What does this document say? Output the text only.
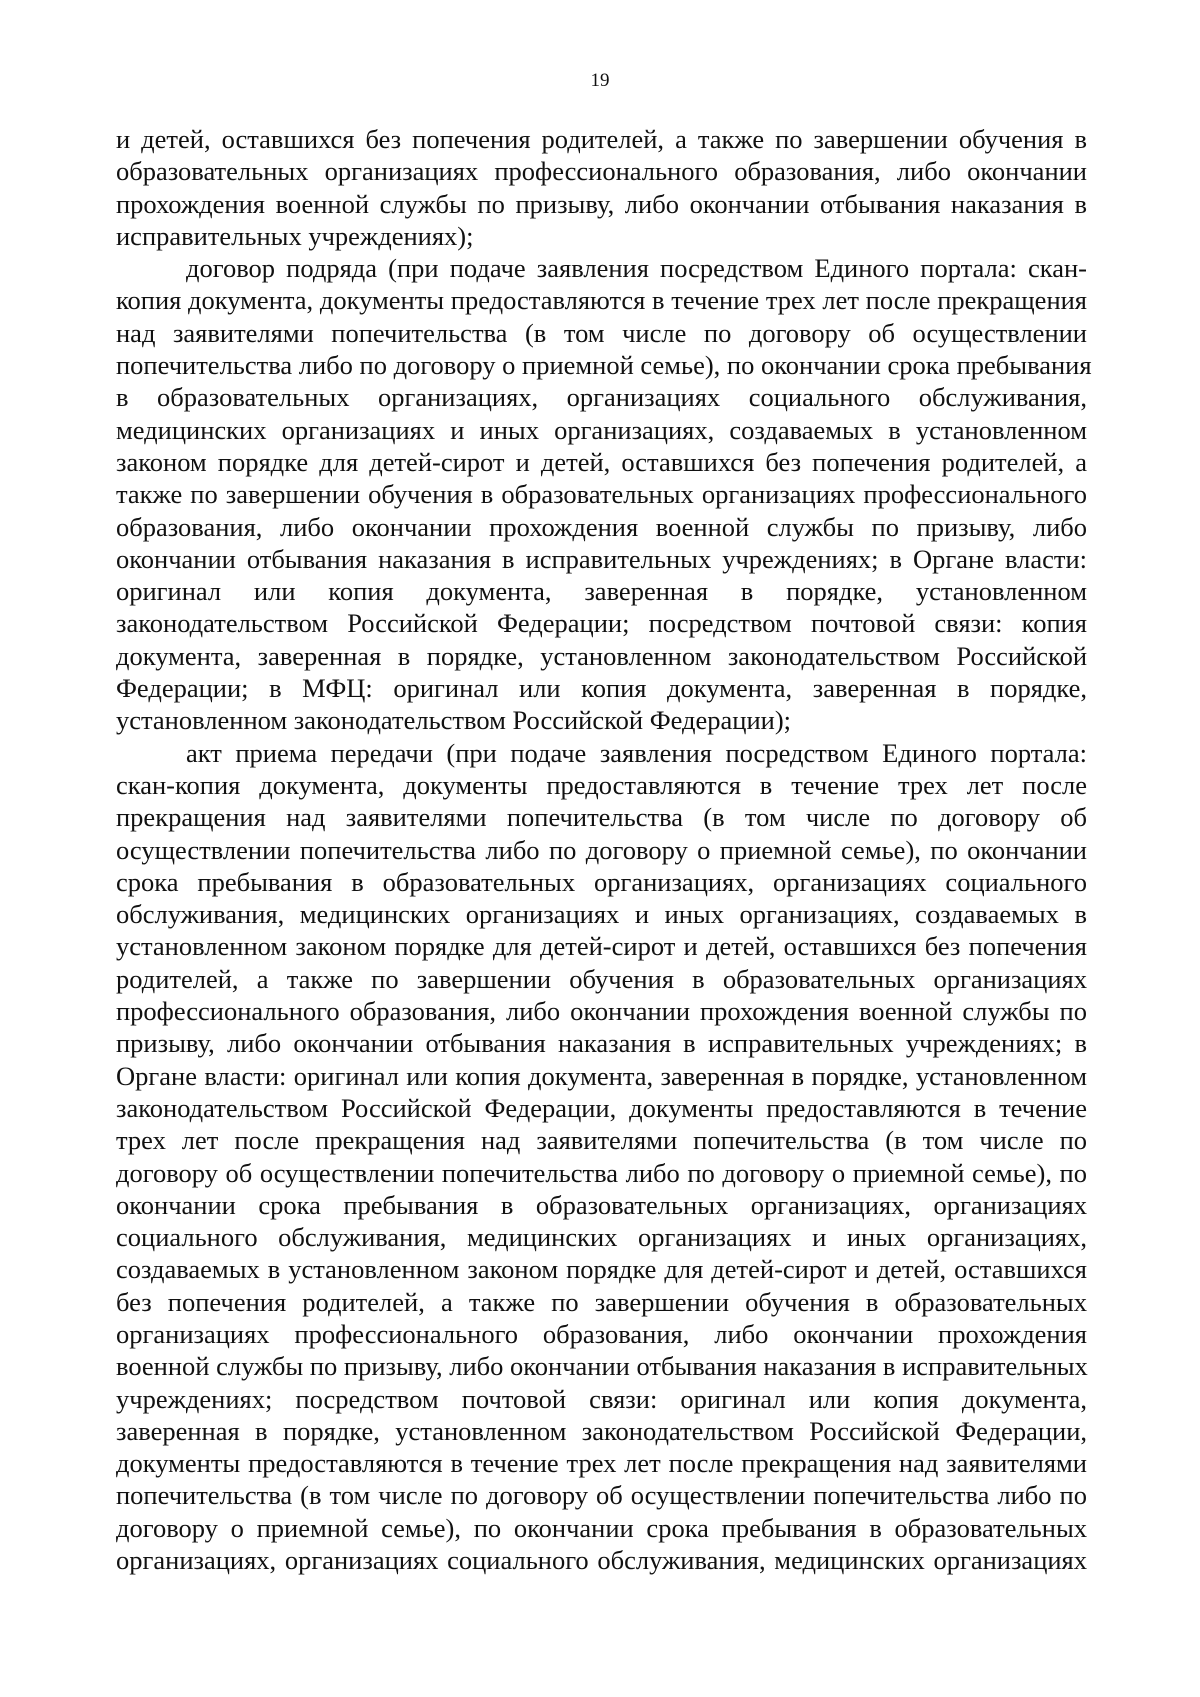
19
и детей, оставшихся без попечения родителей, а также по завершении обучения в
образовательных организациях профессионального образования, либо окончании
прохождения военной службы по призыву, либо окончании отбывания наказания в
исправительных учреждениях);
договор подряда (при подаче заявления посредством Единого портала: скан-
копия документа, документы предоставляются в течение трех лет после прекращения
над заявителями попечительства (в том числе по договору об осуществлении
попечительства либо по договору о приемной семье), по окончании срока пребывания
в образовательных организациях, организациях социального обслуживания,
медицинских организациях и иных организациях, создаваемых в установленном
законом порядке для детей-сирот и детей, оставшихся без попечения родителей, а
также по завершении обучения в образовательных организациях профессионального
образования, либо окончании прохождения военной службы по призыву, либо
окончании отбывания наказания в исправительных учреждениях; в Органе власти:
оригинал или копия документа, заверенная в порядке, установленном
законодательством Российской Федерации; посредством почтовой связи: копия
документа, заверенная в порядке, установленном законодательством Российской
Федерации; в МФЦ: оригинал или копия документа, заверенная в порядке,
установленном законодательством Российской Федерации);
акт приема передачи (при подаче заявления посредством Единого портала:
скан-копия документа, документы предоставляются в течение трех лет после
прекращения над заявителями попечительства (в том числе по договору об
осуществлении попечительства либо по договору о приемной семье), по окончании
срока пребывания в образовательных организациях, организациях социального
обслуживания, медицинских организациях и иных организациях, создаваемых в
установленном законом порядке для детей-сирот и детей, оставшихся без попечения
родителей, а также по завершении обучения в образовательных организациях
профессионального образования, либо окончании прохождения военной службы по
призыву, либо окончании отбывания наказания в исправительных учреждениях; в
Органе власти: оригинал или копия документа, заверенная в порядке, установленном
законодательством Российской Федерации, документы предоставляются в течение
трех лет после прекращения над заявителями попечительства (в том числе по
договору об осуществлении попечительства либо по договору о приемной семье), по
окончании срока пребывания в образовательных организациях, организациях
социального обслуживания, медицинских организациях и иных организациях,
создаваемых в установленном законом порядке для детей-сирот и детей, оставшихся
без попечения родителей, а также по завершении обучения в образовательных
организациях профессионального образования, либо окончании прохождения
военной службы по призыву, либо окончании отбывания наказания в исправительных
учреждениях; посредством почтовой связи: оригинал или копия документа,
заверенная в порядке, установленном законодательством Российской Федерации,
документы предоставляются в течение трех лет после прекращения над заявителями
попечительства (в том числе по договору об осуществлении попечительства либо по
договору о приемной семье), по окончании срока пребывания в образовательных
организациях, организациях социального обслуживания, медицинских организациях
